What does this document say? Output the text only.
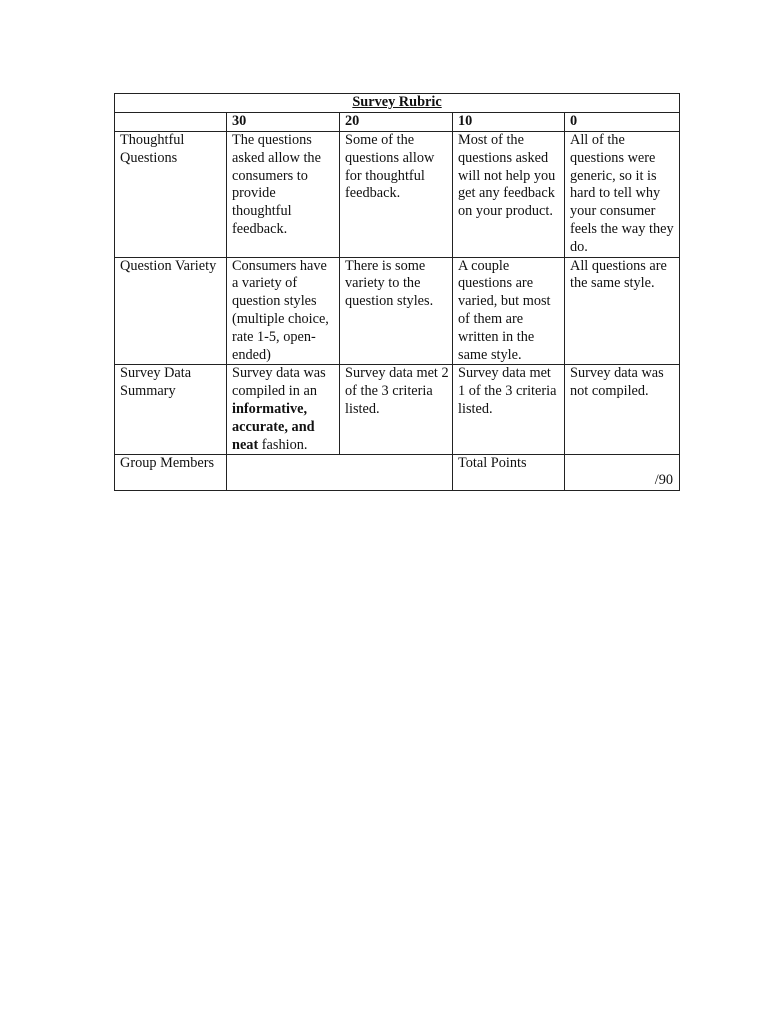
Survey Rubric				
	30	20	10	0
Thoughtful Questions	The questions asked allow the consumers to provide thoughtful feedback.	Some of the questions allow for thoughtful feedback.	Most of the questions asked will not help you get any feedback on your product.	All of the questions were generic, so it is hard to tell why your consumer feels the way they do.
Question Variety	Consumers have a variety of question styles (multiple choice, rate 1-5, open-ended)	There is some variety to the question styles.	A couple questions are varied, but most of them are written in the same style.	All questions are the same style.
Survey Data Summary	Survey data was compiled in an informative, accurate, and neat fashion.	Survey data met 2 of the 3 criteria listed.	Survey data met 1 of the 3 criteria listed.	Survey data was not compiled.
Group Members			Total Points	/90
